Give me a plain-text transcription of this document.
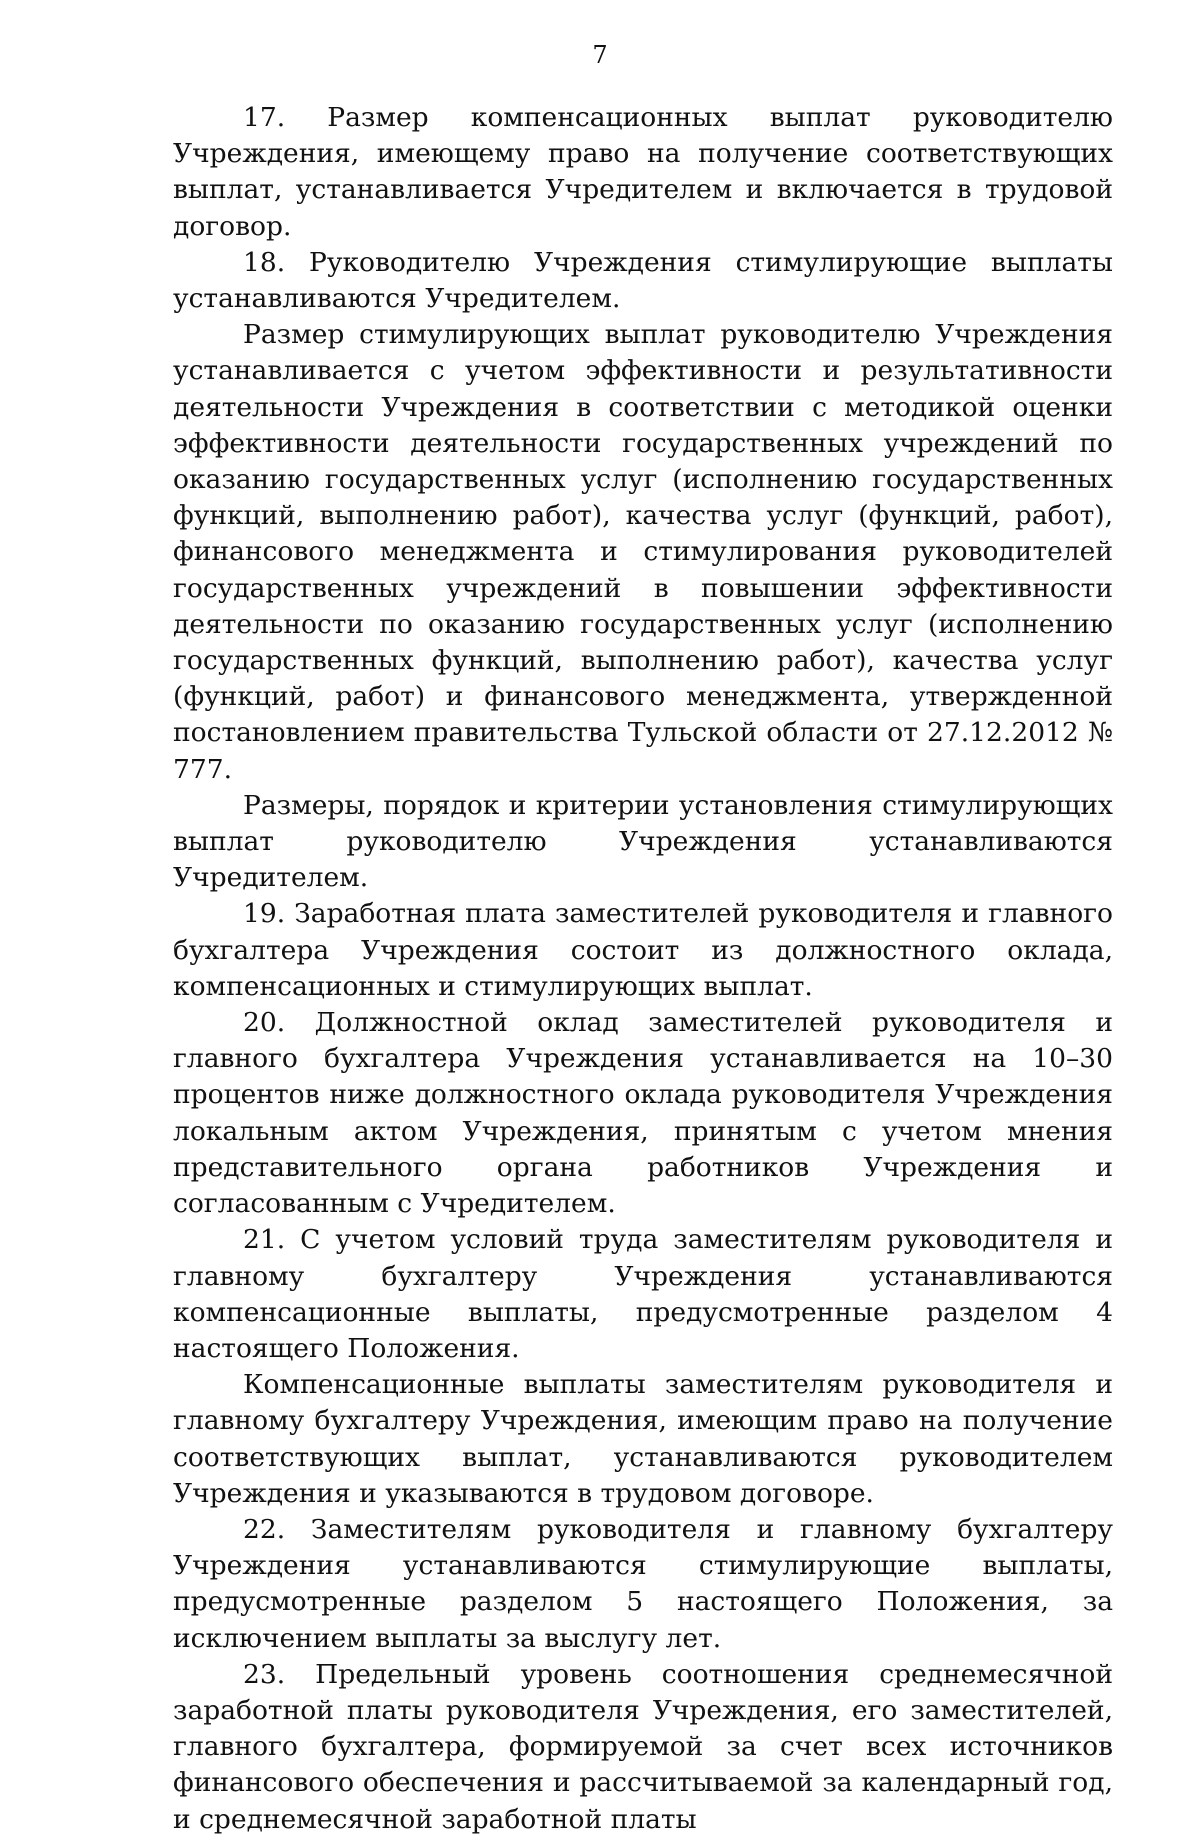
7

17. Размер компенсационных выплат руководителю Учреждения, имеющему право на получение соответствующих выплат, устанавливается Учредителем и включается в трудовой договор.

18. Руководителю Учреждения стимулирующие выплаты устанавливаются Учредителем.

Размер стимулирующих выплат руководителю Учреждения устанавливается с учетом эффективности и результативности деятельности Учреждения в соответствии с методикой оценки эффективности деятельности государственных учреждений по оказанию государственных услуг (исполнению государственных функций, выполнению работ), качества услуг (функций, работ), финансового менеджмента и стимулирования руководителей государственных учреждений в повышении эффективности деятельности по оказанию государственных услуг (исполнению государственных функций, выполнению работ), качества услуг (функций, работ) и финансового менеджмента, утвержденной постановлением правительства Тульской области от 27.12.2012 № 777.

Размеры, порядок и критерии установления стимулирующих выплат руководителю Учреждения устанавливаются Учредителем.

19. Заработная плата заместителей руководителя и главного бухгалтера Учреждения состоит из должностного оклада, компенсационных и стимулирующих выплат.

20. Должностной оклад заместителей руководителя и главного бухгалтера Учреждения устанавливается на 10–30 процентов ниже должностного оклада руководителя Учреждения локальным актом Учреждения, принятым с учетом мнения представительного органа работников Учреждения и согласованным с Учредителем.

21. С учетом условий труда заместителям руководителя и главному бухгалтеру Учреждения устанавливаются компенсационные выплаты, предусмотренные разделом 4 настоящего Положения.

Компенсационные выплаты заместителям руководителя и главному бухгалтеру Учреждения, имеющим право на получение соответствующих выплат, устанавливаются руководителем Учреждения и указываются в трудовом договоре.

22. Заместителям руководителя и главному бухгалтеру Учреждения устанавливаются стимулирующие выплаты, предусмотренные разделом 5 настоящего Положения, за исключением выплаты за выслугу лет.

23. Предельный уровень соотношения среднемесячной заработной платы руководителя Учреждения, его заместителей, главного бухгалтера, формируемой за счет всех источников финансового обеспечения и рассчитываемой за календарный год, и среднемесячной заработной платы
